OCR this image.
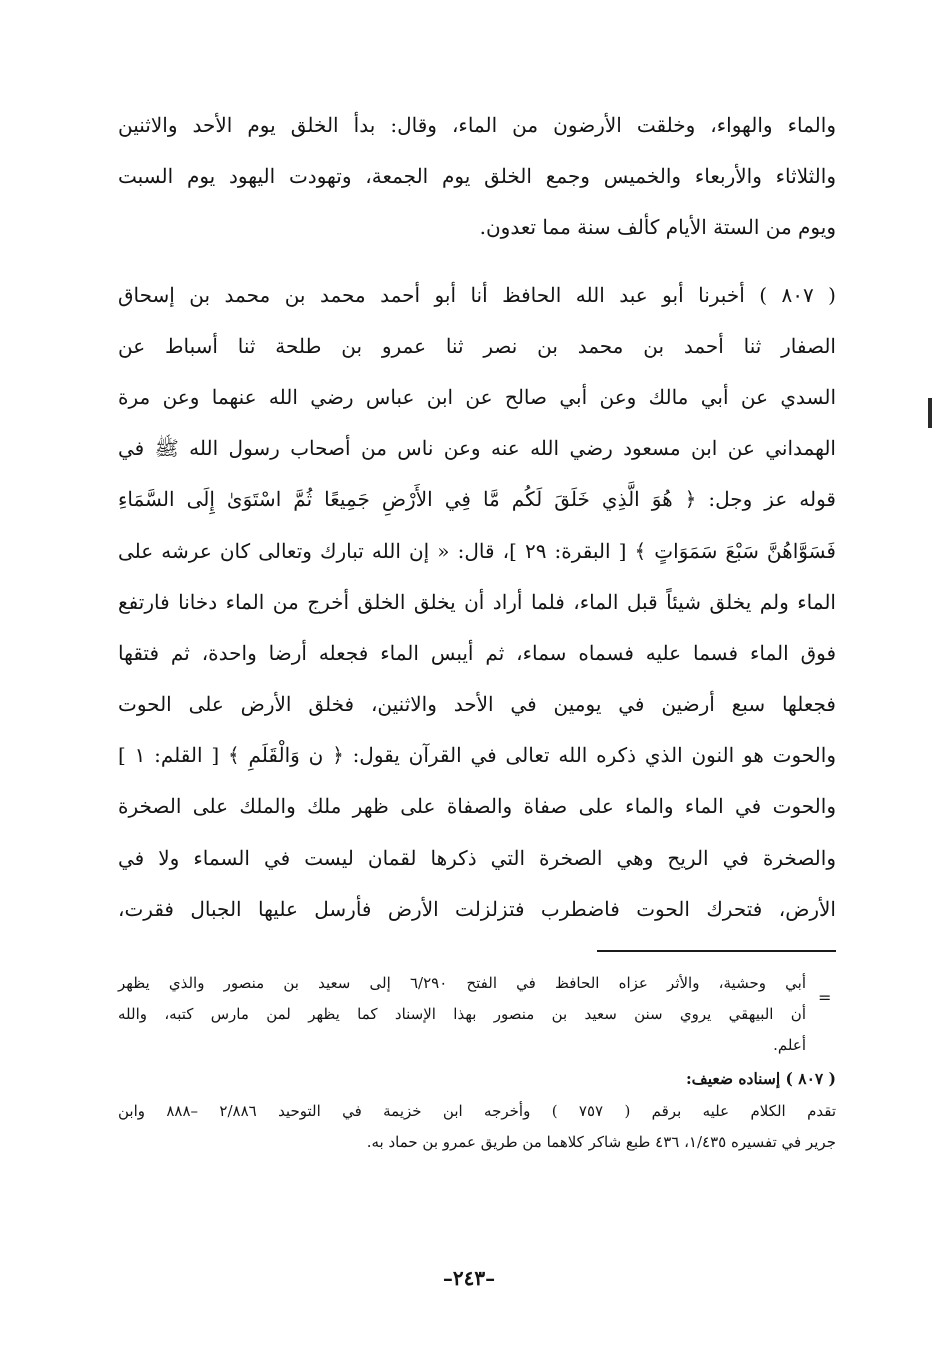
والماء والهواء، وخلقت الأرضون من الماء، وقال: بدأ الخلق يوم الأحد والاثنين
والثلاثاء والأربعاء والخميس وجمع الخلق يوم الجمعة، وتهودت اليهود يوم السبت
ويوم من الستة الأيام كألف سنة مما تعدون.
( ٨٠٧ ) أخبرنا أبو عبد الله الحافظ أنا أبو أحمد محمد بن محمد بن إسحاق
الصفار ثنا أحمد بن محمد بن نصر ثنا عمرو بن طلحة ثنا أسباط عن
السدي عن أبي مالك وعن أبي صالح عن ابن عباس رضي الله عنهما وعن مرة
الهمداني عن ابن مسعود رضي الله عنه وعن ناس من أصحاب رسول الله ﷺ في
قوله عز وجل: ﴿ هُوَ الَّذِي خَلَقَ لَكُم مَّا فِي الأَرْضِ جَمِيعًا ثُمَّ اسْتَوَىٰ إِلَى السَّمَاءِ
فَسَوَّاهُنَّ سَبْعَ سَمَوَاتٍ ﴾ [ البقرة: ٢٩ ]، قال: « إن الله تبارك وتعالى كان عرشه على
الماء ولم يخلق شيئاً قبل الماء، فلما أراد أن يخلق الخلق أخرج من الماء دخانا فارتفع
فوق الماء فسما عليه فسماه سماء، ثم أيبس الماء فجعله أرضا واحدة، ثم فتقها
فجعلها سبع أرضين في يومين في الأحد والاثنين، فخلق الأرض على الحوت
والحوت هو النون الذي ذكره الله تعالى في القرآن يقول: ﴿ ن وَالْقَلَمِ ﴾ [ القلم: ١ ]
والحوت في الماء والماء على صفاة والصفاة على ظهر ملك والملك على الصخرة
والصخرة في الريح وهي الصخرة التي ذكرها لقمان ليست في السماء ولا في
الأرض، فتحرك الحوت فاضطرب فتزلزلت الأرض فأرسل عليها الجبال فقرت،
=
أبي وحشية، والأثر عزاه الحافظ في الفتح ٦/٢٩٠ إلى سعيد بن منصور والذي يظهر
أن البيهقي يروي سنن سعيد بن منصور بهذا الإسناد كما يظهر لمن مارس كتبه، والله
أعلم.
( ٨٠٧ ) إسناده ضعيف:
تقدم الكلام عليه برقم ( ٧٥٧ ) وأخرجه ابن خزيمة في التوحيد ٢/٨٨٦ –٨٨٨ وابن
جرير في تفسيره ١/٤٣٥، ٤٣٦ طبع شاكر كلاهما من طريق عمرو بن حماد به.
–٢٤٣–
